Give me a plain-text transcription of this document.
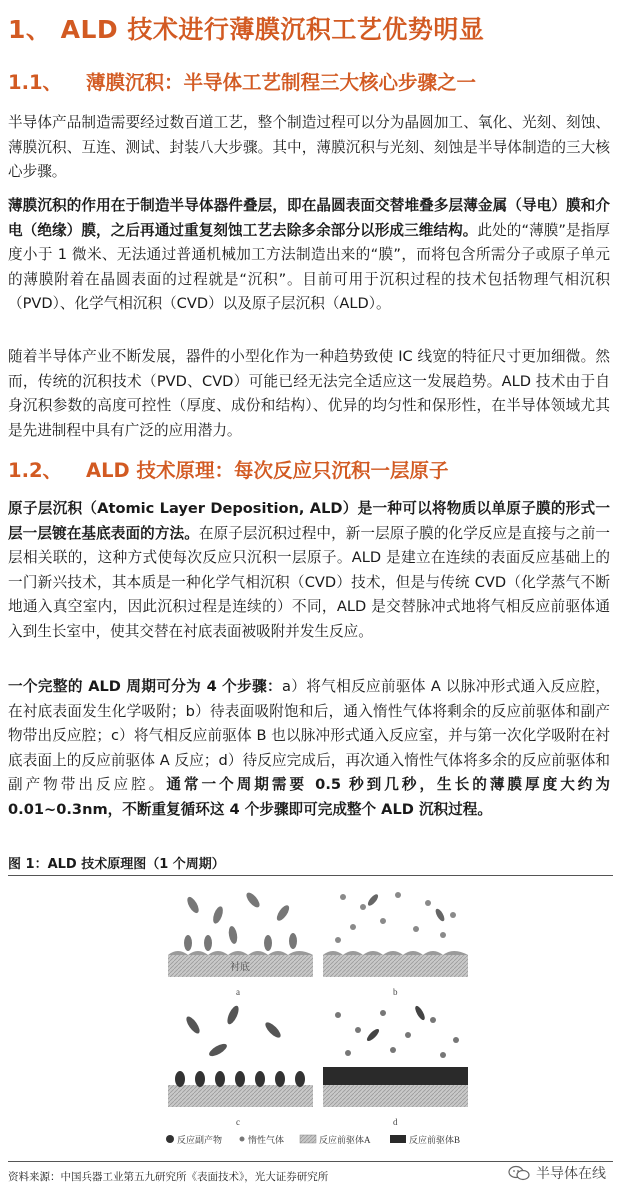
1、 ALD 技术进行薄膜沉积工艺优势明显
1.1、 薄膜沉积：半导体工艺制程三大核心步骤之一

半导体产品制造需要经过数百道工艺，整个制造过程可以分为晶圆加工、氧化、光刻、刻蚀、薄膜沉积、互连、测试、封装八大步骤。其中，薄膜沉积与光刻、刻蚀是半导体制造的三大核心步骤。

薄膜沉积的作用在于制造半导体器件叠层，即在晶圆表面交替堆叠多层薄金属（导电）膜和介电（绝缘）膜，之后再通过重复刻蚀工艺去除多余部分以形成三维结构。此处的“薄膜”是指厚度小于 1 微米、无法通过普通机械加工方法制造出来的“膜”，而将包含所需分子或原子单元的薄膜附着在晶圆表面的过程就是“沉积”。目前可用于沉积过程的技术包括物理气相沉积（PVD）、化学气相沉积（CVD）以及原子层沉积（ALD）。

随着半导体产业不断发展，器件的小型化作为一种趋势致使 IC 线宽的特征尺寸更加细微。然而，传统的沉积技术（PVD、CVD）可能已经无法完全适应这一发展趋势。ALD 技术由于自身沉积参数的高度可控性（厚度、成份和结构）、优异的均匀性和保形性，在半导体领域尤其是先进制程中具有广泛的应用潜力。

1.2、 ALD 技术原理：每次反应只沉积一层原子

原子层沉积（Atomic Layer Deposition, ALD）是一种可以将物质以单原子膜的形式一层一层镀在基底表面的方法。在原子层沉积过程中，新一层原子膜的化学反应是直接与之前一层相关联的，这种方式使每次反应只沉积一层原子。ALD 是建立在连续的表面反应基础上的一门新兴技术，其本质是一种化学气相沉积（CVD）技术，但是与传统 CVD（化学蒸气不断地通入真空室内，因此沉积过程是连续的）不同，ALD 是交替脉冲式地将气相反应前驱体通入到生长室中，使其交替在衬底表面被吸附并发生反应。

一个完整的 ALD 周期可分为 4 个步骤：a）将气相反应前驱体 A 以脉冲形式通入反应腔，在衬底表面发生化学吸附；b）待表面吸附饱和后，通入惰性气体将剩余的反应前驱体和副产物带出反应腔；c）将气相反应前驱体 B 也以脉冲形式通入反应室，并与第一次化学吸附在衬底表面上的反应前驱体 A 反应；d）待反应完成后，再次通入惰性气体将多余的反应前驱体和副产物带出反应腔。通常一个周期需要 0.5 秒到几秒，生长的薄膜厚度大约为 0.01~0.3nm，不断重复循环这 4 个步骤即可完成整个 ALD 沉积过程。

图 1：ALD 技术原理图（1 个周期）
衬底
a	b
c	d
反应副产物	惰性气体	反应前驱体A	反应前驱体B
资料来源：中国兵器工业第五九研究所《表面技术》，光大证券研究所	半导体在线
